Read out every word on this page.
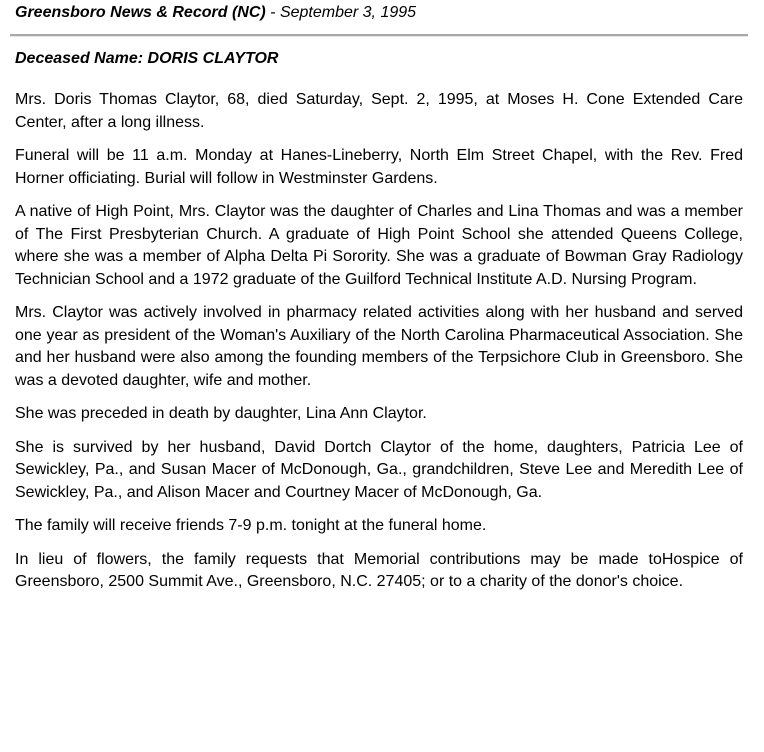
Greensboro News & Record (NC) - September 3, 1995
Deceased Name: DORIS CLAYTOR

Mrs. Doris Thomas Claytor, 68, died Saturday, Sept. 2, 1995, at Moses H. Cone Extended Care Center, after a long illness.

Funeral will be 11 a.m. Monday at Hanes-Lineberry, North Elm Street Chapel, with the Rev. Fred Horner officiating. Burial will follow in Westminster Gardens.

A native of High Point, Mrs. Claytor was the daughter of Charles and Lina Thomas and was a member of The First Presbyterian Church. A graduate of High Point School she attended Queens College, where she was a member of Alpha Delta Pi Sorority. She was a graduate of Bowman Gray Radiology Technician School and a 1972 graduate of the Guilford Technical Institute A.D. Nursing Program.

Mrs. Claytor was actively involved in pharmacy related activities along with her husband and served one year as president of the Woman's Auxiliary of the North Carolina Pharmaceutical Association. She and her husband were also among the founding members of the Terpsichore Club in Greensboro. She was a devoted daughter, wife and mother.

She was preceded in death by daughter, Lina Ann Claytor.

She is survived by her husband, David Dortch Claytor of the home, daughters, Patricia Lee of Sewickley, Pa., and Susan Macer of McDonough, Ga., grandchildren, Steve Lee and Meredith Lee of Sewickley, Pa., and Alison Macer and Courtney Macer of McDonough, Ga.

The family will receive friends 7-9 p.m. tonight at the funeral home.

In lieu of flowers, the family requests that Memorial contributions may be made toHospice of Greensboro, 2500 Summit Ave., Greensboro, N.C. 27405; or to a charity of the donor's choice.
